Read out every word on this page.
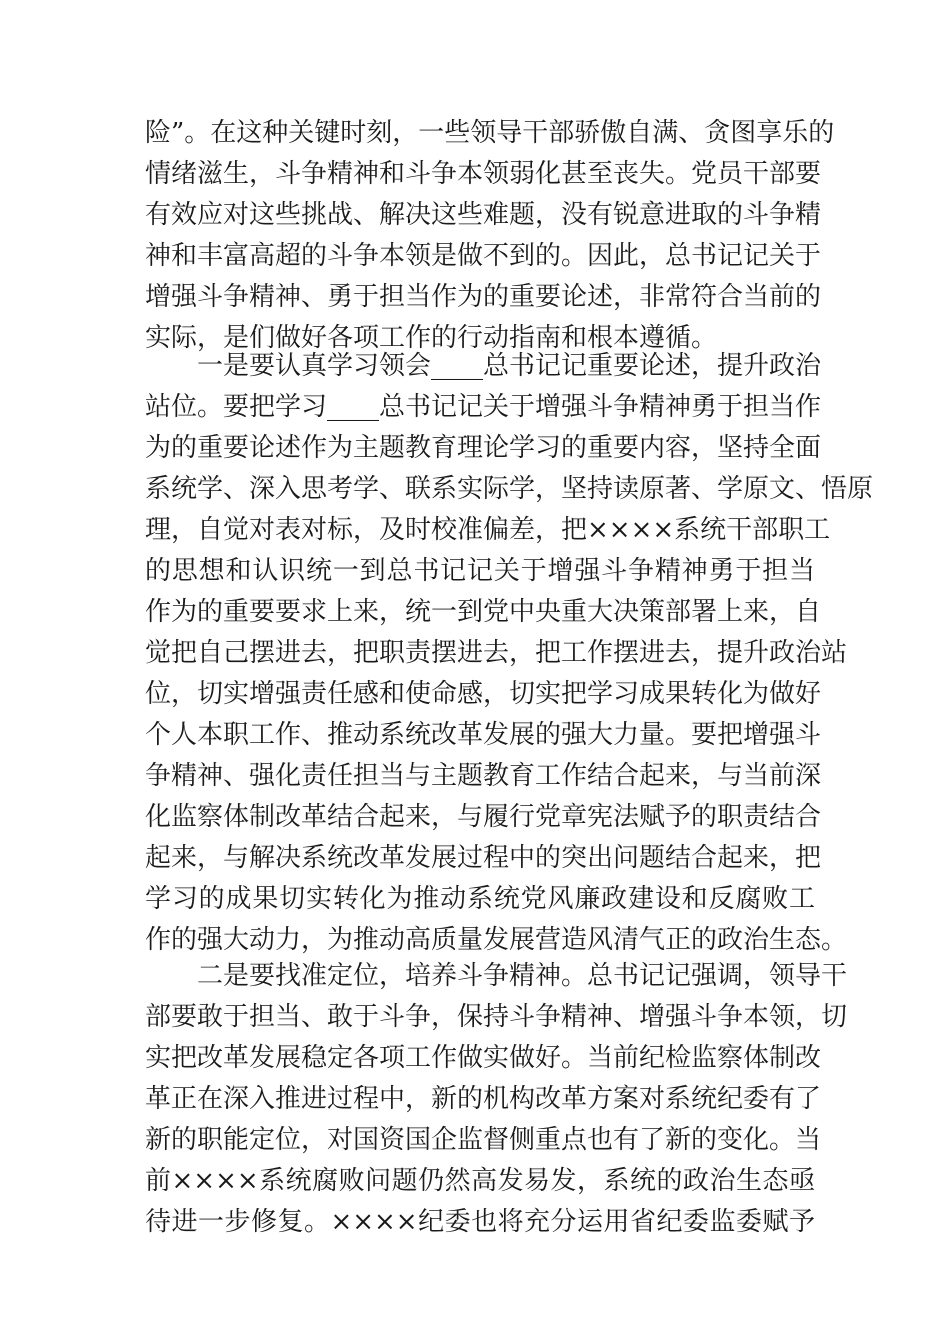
险”。在这种关键时刻，一些领导干部骄傲自满、贪图享乐的
情绪滋生，斗争精神和斗争本领弱化甚至丧失。党员干部要
有效应对这些挑战、解决这些难题，没有锐意进取的斗争精
神和丰富高超的斗争本领是做不到的。因此，总书记记关于
增强斗争精神、勇于担当作为的重要论述，非常符合当前的
实际，是们做好各项工作的行动指南和根本遵循。
一是要认真学习领会____总书记记重要论述，提升政治
站位。要把学习____总书记记关于增强斗争精神勇于担当作
为的重要论述作为主题教育理论学习的重要内容，坚持全面
系统学、深入思考学、联系实际学，坚持读原著、学原文、悟原
理，自觉对表对标，及时校准偏差，把××××系统干部职工
的思想和认识统一到总书记记关于增强斗争精神勇于担当
作为的重要要求上来，统一到党中央重大决策部署上来，自
觉把自己摆进去，把职责摆进去，把工作摆进去，提升政治站
位，切实增强责任感和使命感，切实把学习成果转化为做好
个人本职工作、推动系统改革发展的强大力量。要把增强斗
争精神、强化责任担当与主题教育工作结合起来，与当前深
化监察体制改革结合起来，与履行党章宪法赋予的职责结合
起来，与解决系统改革发展过程中的突出问题结合起来，把
学习的成果切实转化为推动系统党风廉政建设和反腐败工
作的强大动力，为推动高质量发展营造风清气正的政治生态。
二是要找准定位，培养斗争精神。总书记记强调，领导干
部要敢于担当、敢于斗争，保持斗争精神、增强斗争本领，切
实把改革发展稳定各项工作做实做好。当前纪检监察体制改
革正在深入推进过程中，新的机构改革方案对系统纪委有了
新的职能定位，对国资国企监督侧重点也有了新的变化。当
前××××系统腐败问题仍然高发易发，系统的政治生态亟
待进一步修复。××××纪委也将充分运用省纪委监委赋予
